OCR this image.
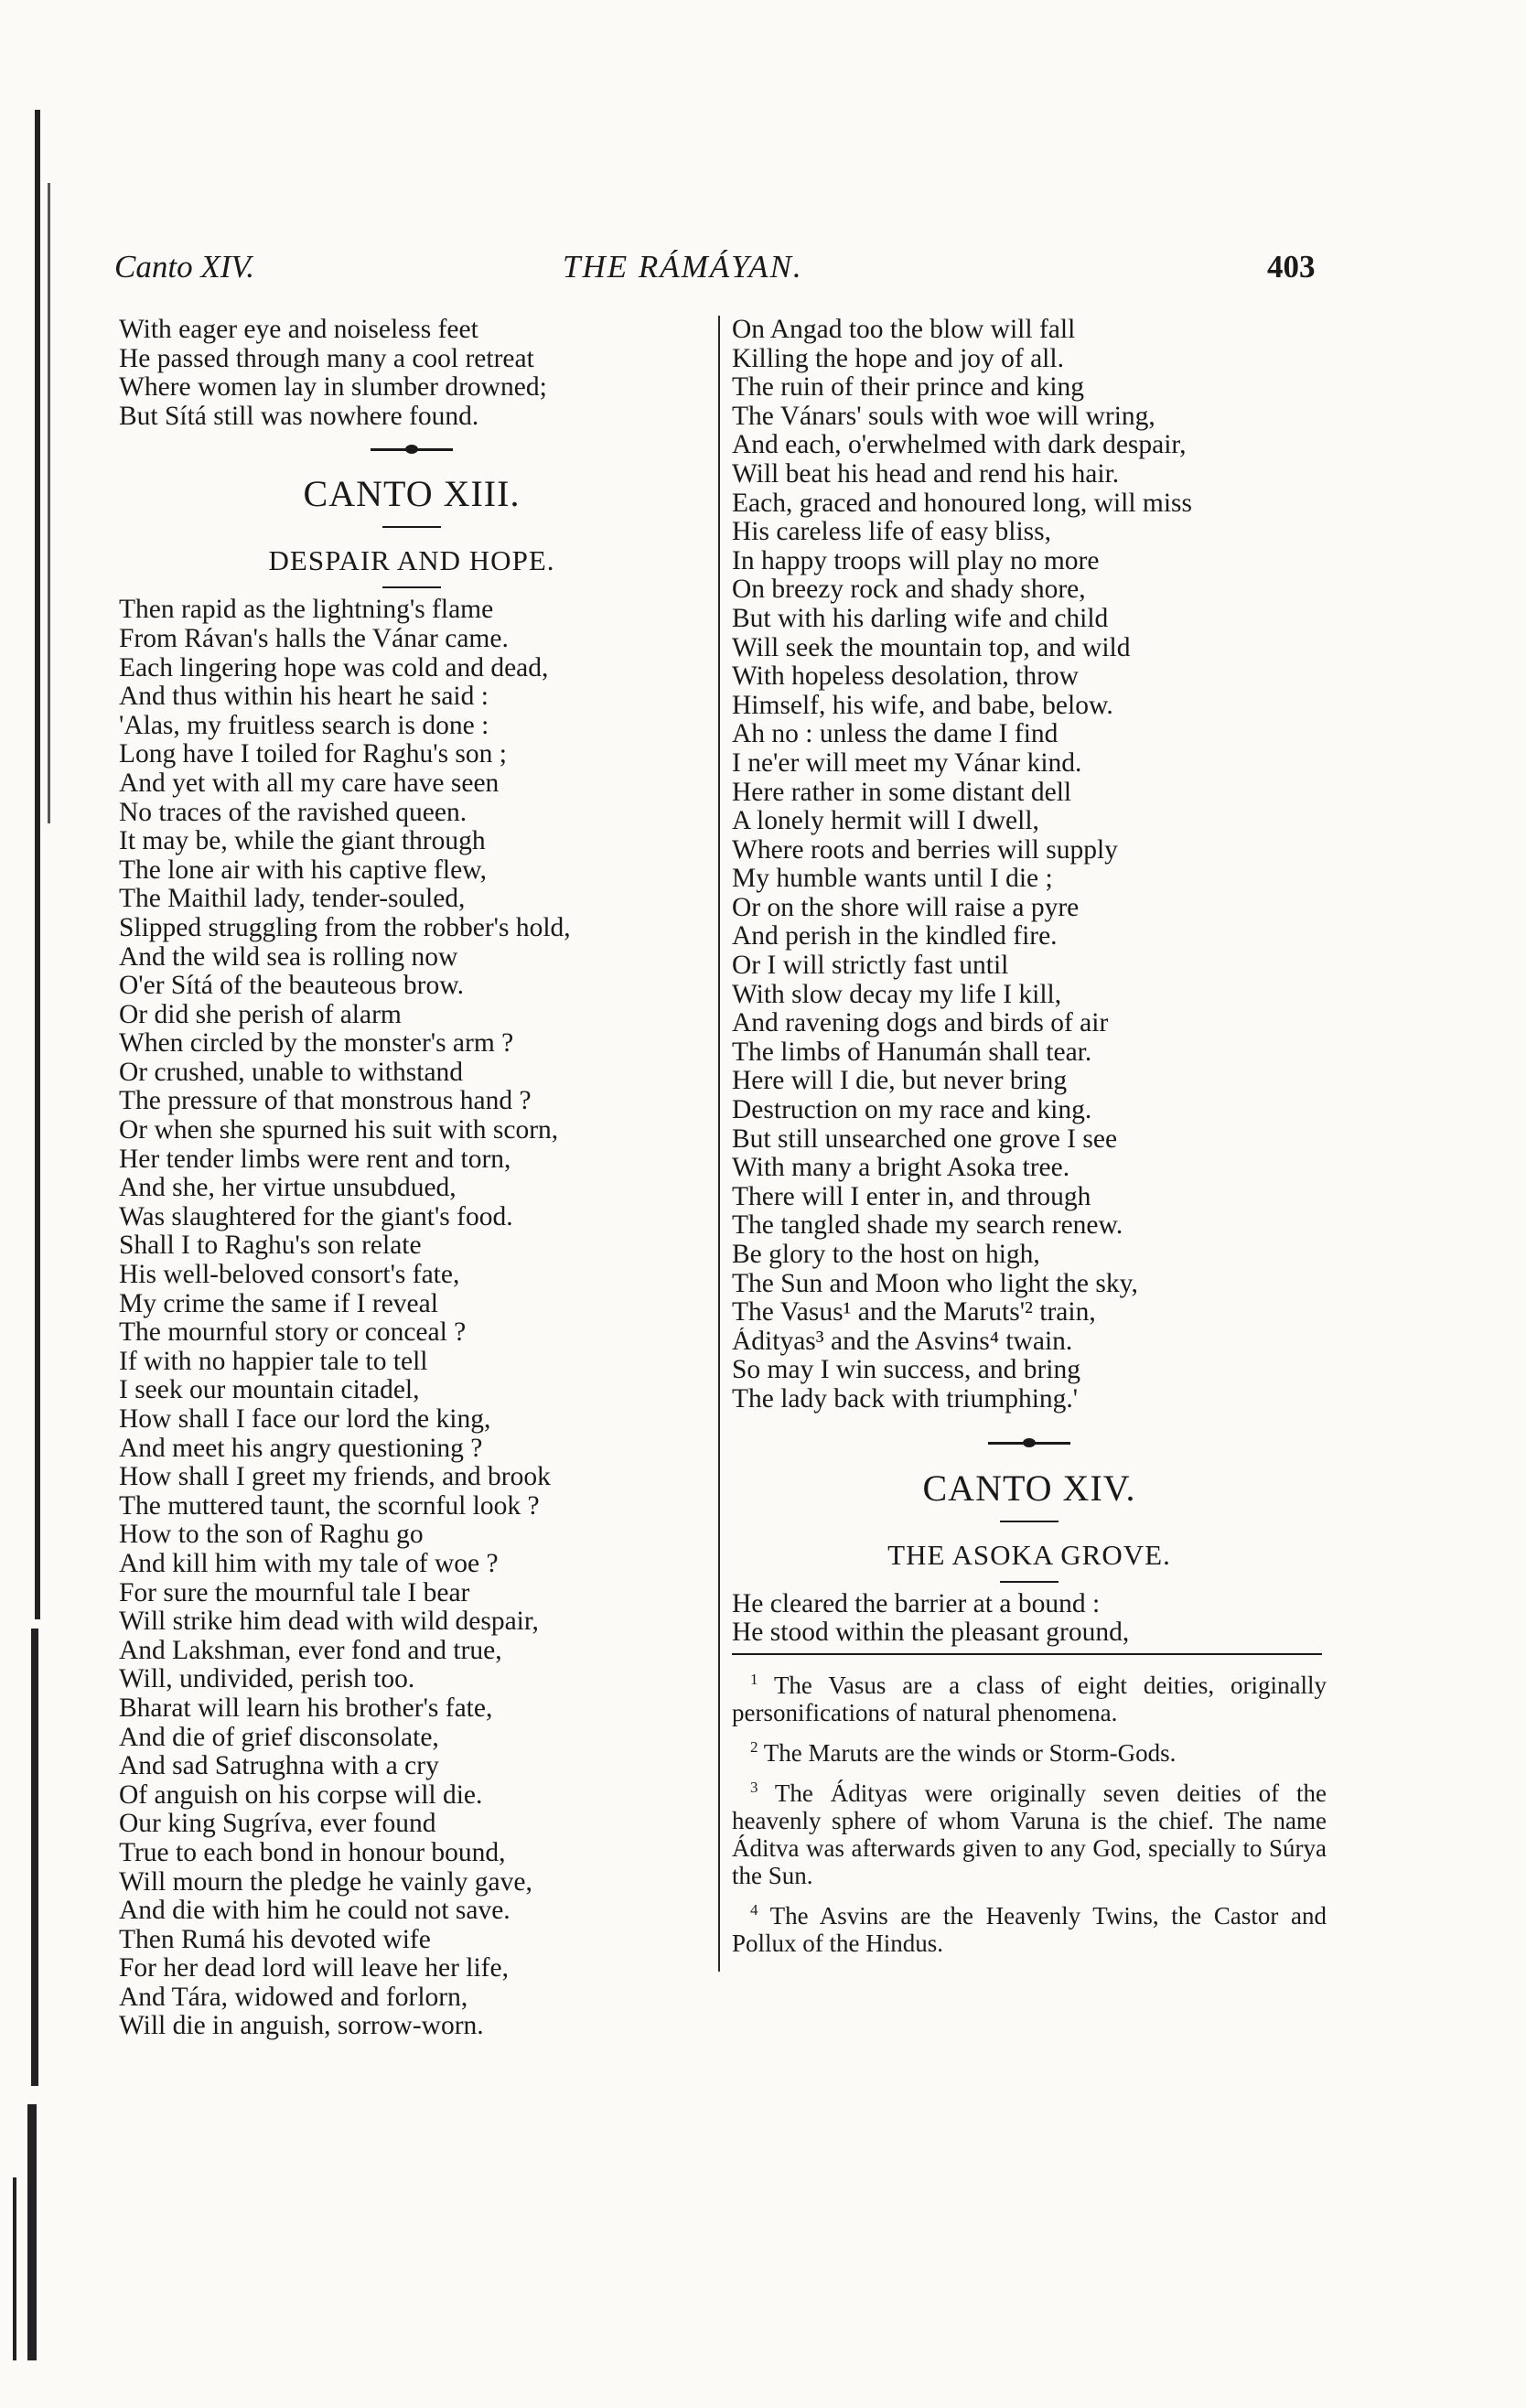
Canto XIV.	THE RÁMÁYAN.	403
With eager eye and noiseless feet
He passed through many a cool retreat
Where women lay in slumber drowned;
But Sítá still was nowhere found.
CANTO XIII.
DESPAIR AND HOPE.
Then rapid as the lightning's flame
From Rávan's halls the Vánar came.
Each lingering hope was cold and dead,
And thus within his heart he said :
'Alas, my fruitless search is done :
Long have I toiled for Raghu's son ;
And yet with all my care have seen
No traces of the ravished queen.
It may be, while the giant through
The lone air with his captive flew,
The Maithil lady, tender-souled,
Slipped struggling from the robber's hold,
And the wild sea is rolling now
O'er Sítá of the beauteous brow.
Or did she perish of alarm
When circled by the monster's arm ?
Or crushed, unable to withstand
The pressure of that monstrous hand ?
Or when she spurned his suit with scorn,
Her tender limbs were rent and torn,
And she, her virtue unsubdued,
Was slaughtered for the giant's food.
Shall I to Raghu's son relate
His well-beloved consort's fate,
My crime the same if I reveal
The mournful story or conceal ?
If with no happier tale to tell
I seek our mountain citadel,
How shall I face our lord the king,
And meet his angry questioning ?
How shall I greet my friends, and brook
The muttered taunt, the scornful look ?
How to the son of Raghu go
And kill him with my tale of woe ?
For sure the mournful tale I bear
Will strike him dead with wild despair,
And Lakshman, ever fond and true,
Will, undivided, perish too.
Bharat will learn his brother's fate,
And die of grief disconsolate,
And sad Satrughna with a cry
Of anguish on his corpse will die.
Our king Sugríva, ever found
True to each bond in honour bound,
Will mourn the pledge he vainly gave,
And die with him he could not save.
Then Rumá his devoted wife
For her dead lord will leave her life,
And Tára, widowed and forlorn,
Will die in anguish, sorrow-worn.
On Angad too the blow will fall
Killing the hope and joy of all.
The ruin of their prince and king
The Vánars' souls with woe will wring,
And each, o'erwhelmed with dark despair,
Will beat his head and rend his hair.
Each, graced and honoured long, will miss
His careless life of easy bliss,
In happy troops will play no more
On breezy rock and shady shore,
But with his darling wife and child
Will seek the mountain top, and wild
With hopeless desolation, throw
Himself, his wife, and babe, below.
Ah no : unless the dame I find
I ne'er will meet my Vánar kind.
Here rather in some distant dell
A lonely hermit will I dwell,
Where roots and berries will supply
My humble wants until I die ;
Or on the shore will raise a pyre
And perish in the kindled fire.
Or I will strictly fast until
With slow decay my life I kill,
And ravening dogs and birds of air
The limbs of Hanumán shall tear.
Here will I die, but never bring
Destruction on my race and king.
But still unsearched one grove I see
With many a bright Asoka tree.
There will I enter in, and through
The tangled shade my search renew.
Be glory to the host on high,
The Sun and Moon who light the sky,
The Vasus¹ and the Maruts'² train,
Ádityas³ and the Asvins⁴ twain.
So may I win success, and bring
The lady back with triumphing.'
CANTO XIV.
THE ASOKA GROVE.
He cleared the barrier at a bound :
He stood within the pleasant ground,

$^1$ The Vasus are a class of eight deities, originally personifications of natural phenomena.

$^2$ The Maruts are the winds or Storm-Gods.

$^3$ The Ádityas were originally seven deities of the heavenly sphere of whom Varuna is the chief. The name Áditva was afterwards given to any God, specially to Súrya the Sun.

$^4$ The Asvins are the Heavenly Twins, the Castor and Pollux of the Hindus.
